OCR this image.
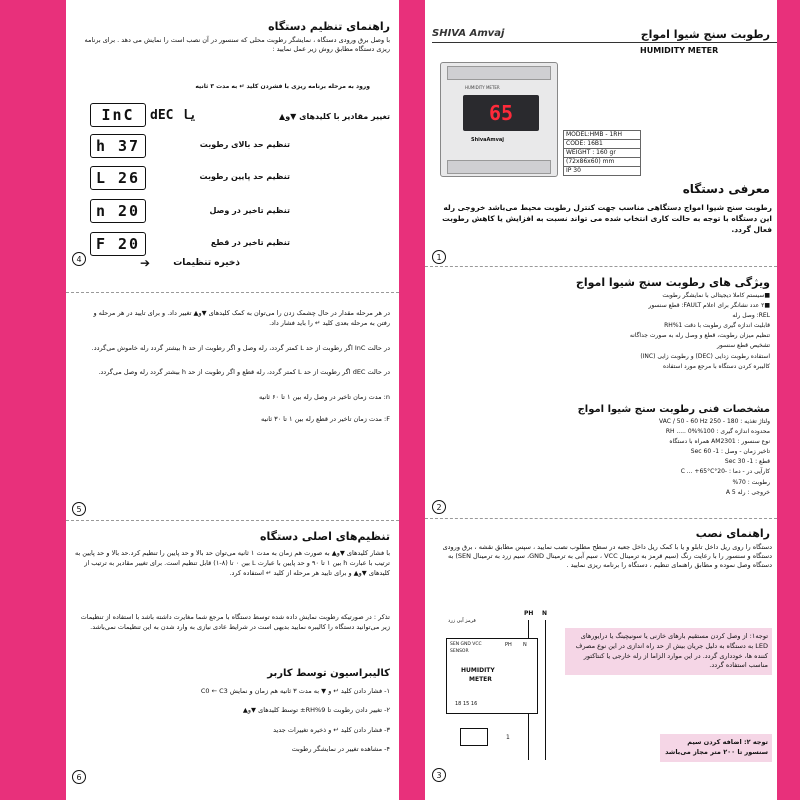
SHIVA Amvaj	رطوبت سنج شیوا امواج
HUMIDITY METER
65
HUMIDITY METER
ShivaAmvaj
MODEL:HMB - 1RH
CODE: 16B1
WEIGHT : 160 gr
(72x86x60) mm
IP 30
معرفی دستگاه
رطوبت سنج شیوا امواج دستگاهی مناسب جهت کنترل رطوبت محیط می‌باشد خروجی رله این دستگاه با توجه به حالت کاری انتخاب شده می تواند نسبت به افزایش یا کاهش رطوبت فعال گردد.
1
ویژگی های رطوبت سنج شیوا امواج
■سیستم کاملا دیجیتالی با نمایشگر رطوبت
■۲ عدد نشانگر برای اعلام FAULT: قطع سنسور
REL: وصل رله
قابلیت اندازه گیری رطوبت با دقت 1%RH
تنظیم میزان رطوبت، قطع و وصل رله به صورت جداگانه
تشخیص قطع سنسور
استفاده رطوبت زدایی (DEC) و رطوبت زایی (INC)
کالیبره کردن دستگاه با مرجع مورد استفاده
مشخصات فنی رطوبت سنج شیوا امواج
ولتاژ تغذیه : 180 - 250 VAC / 50 - 60 Hz
محدوده اندازه گیری : 100%RH ..... 0%
نوع سنسور : AM2301 همراه با دستگاه
تاخیر زمان - وصل : 1- 60 Sec
قطع : 1- 30 Sec
کارآیی در - دما : -20°C ... +65°C
رطوبت : 70%
خروجی : رله 5 A
2
راهنمای نصب
دستگاه را روی ریل داخل تابلو و یا با کمک ریل داخل جعبه در سطح مطلوب نصب نمایید ، سپس مطابق نقشه ، برق ورودی دستگاه و سنسور را با رعایت رنگ (سیم قرمز به ترمینال VCC ، سیم آبی به ترمینال GND، سیم زرد به ترمینال SEN) به دستگاه وصل نموده و مطابق راهنمای تنظیم ، دستگاه را برنامه ریزی نمایید .
قرمز آبی زرد
PH N
SEN GND VCC
SENSOR
PH N
HUMIDITY
METER
18 15 16
1
توجه۱: از وصل کردن مستقیم بارهای خازنی یا سونیچینگ یا درایورهای LED به دستگاه به دلیل جریان بیش از حد راه اندازی در این نوع مصرف کننده ها، خودداری گردد. در این موارد الزاما از رله خارجی یا کنتاکتور مناسب استفاده گردد.
توجه ۲: اضافه کردن سیم سنسور تا ۲۰۰ متر مجاز می‌باشد
3
راهنمای تنظیم دستگاه
با وصل برق ورودی دستگاه ، نمایشگر رطوبت محلی که سنسور در آن نصب است را نمایش می دهد . برای برنامه ریزی دستگاه مطابق روش زیر عمل نمایید :
ورود به مرحله برنامه ریزی با فشردن کلید ↵ به مدت ۳ ثانیه
InC	dEC یا	تغییر مقادیر با کلیدهای ▼و▲
h 37	تنظیم حد بالای رطوبت
L 26	تنظیم حد پایین رطوبت
n 20	تنظیم تاخیر در وصل
F 20	تنظیم تاخیر در قطع
➔	ذخیره تنظیمات
4
در هر مرحله مقدار در حال چشمک زدن را می‌توان به کمک کلیدهای ▼و▲ تغییر داد. و برای تایید در هر مرحله و رفتن به مرحله بعدی کلید ↵ را باید فشار داد.
در حالت InC اگر رطوبت از حد L کمتر گردد، رله وصل و اگر رطوبت از حد h بیشتر گردد رله خاموش می‌گردد.
در حالت dEC اگر رطوبت از حد L کمتر گردد، رله قطع و اگر رطوبت از حد h بیشتر گردد رله وصل می‌گردد.
n: مدت زمان تاخیر در وصل رله بین ۱ تا ۶۰ ثانیه
F: مدت زمان تاخیر در قطع رله بین ۱ تا ۳۰ ثانیه
5
تنظیم‌های اصلی دستگاه
با فشار کلیدهای ▼و▲ به صورت هم زمان به مدت ۱ ثانیه می‌توان حد بالا و حد پایین را تنظیم کرد.حد بالا و حد پایین به ترتیب با عبارت h بین ۱ تا ۹۰ و حد پایین با عبارت L بین ۰ تا (۸-۱) قابل تنظیم است. برای تغییر مقادیر به ترتیب از کلیدهای ▼و▲ و برای تایید هر مرحله از کلید ↵ استفاده کرد.
تذکر : در صورتیکه رطوبت نمایش داده شده توسط دستگاه با مرجع شما مغایرت داشته باشد با استفاده از تنظیمات زیر می‌توانید دستگاه را کالیبره نمایید بدیهی است در شرایط عادی نیازی به وارد شدن به این تنظیمات نمی‌باشد.
کالیبراسیون توسط کاربر
۱- فشار دادن کلید ↵ و ▼ به مدت ۳ ثانیه هم زمان و نمایش C0 ← C3
۲- تغییر دادن رطوبت تا 9%RH± توسط کلیدهای ▼و▲
۳- فشار دادن کلید ↵ و ذخیره تغییرات جدید
۴- مشاهده تغییر در نمایشگر رطوبت
6
